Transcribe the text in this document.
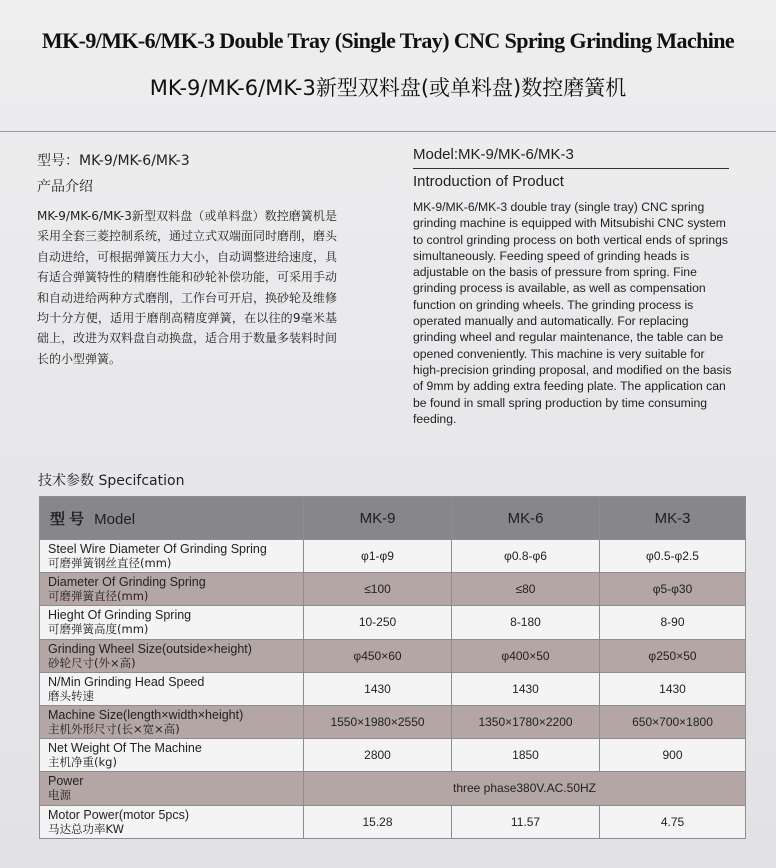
MK-9/MK-6/MK-3 Double Tray (Single Tray) CNC Spring Grinding Machine
MK-9/MK-6/MK-3新型双料盘(或单料盘)数控磨簧机
型号：MK-9/MK-6/MK-3
产品介绍
MK-9/MK-6/MK-3新型双料盘（或单料盘）数控磨簧机是采用全套三菱控制系统，通过立式双端面同时磨削，磨头自动进给，可根据弹簧压力大小，自动调整进给速度，具有适合弹簧特性的精磨性能和砂轮补偿功能，可采用手动和自动进给两种方式磨削，工作台可开启，换砂轮及维修均十分方便，适用于磨削高精度弹簧，在以往的9毫米基础上，改进为双料盘自动换盘，适合用于数量多装料时间长的小型弹簧。
Model:MK-9/MK-6/MK-3
Introduction of Product
MK-9/MK-6/MK-3 double tray (single tray) CNC spring grinding machine is equipped with Mitsubishi CNC system to control grinding process on both vertical ends of springs simultaneously. Feeding speed of grinding heads is adjustable on the basis of pressure from spring. Fine grinding process is available, as well as compensation function on grinding wheels. The grinding process is operated manually and automatically. For replacing grinding wheel and regular maintenance, the table can be opened conveniently. This machine is very suitable for high-precision grinding proposal, and modified on the basis of 9mm by adding extra feeding plate. The application can be found in small spring production by time consuming feeding.
技术参数 Specifcation
型 号 Model	MK-9	MK-6	MK-3

Steel Wire Diameter Of Grinding Spring
可磨弹簧钢丝直径(mm)	φ1-φ9	φ0.8-φ6	φ0.5-φ2.5

Diameter Of Grinding Spring
可磨弹簧直径(mm)	≤100	≤80	φ5-φ30

Hieght Of Grinding Spring
可磨弹簧高度(mm)	10-250	8-180	8-90

Grinding Wheel Size(outside×height)
砂轮尺寸(外×高)	φ450×60	φ400×50	φ250×50

N/Min Grinding Head Speed
磨头转速	1430	1430	1430

Machine Size(length×width×height)
主机外形尺寸(长×宽×高)	1550×1980×2550	1350×1780×2200	650×700×1800

Net Weight Of The Machine
主机净重(kg)	2800	1850	900

Power
电源	three phase380V.AC.50HZ		

Motor Power(motor 5pcs)
马达总功率KW	15.28	11.57	4.75
